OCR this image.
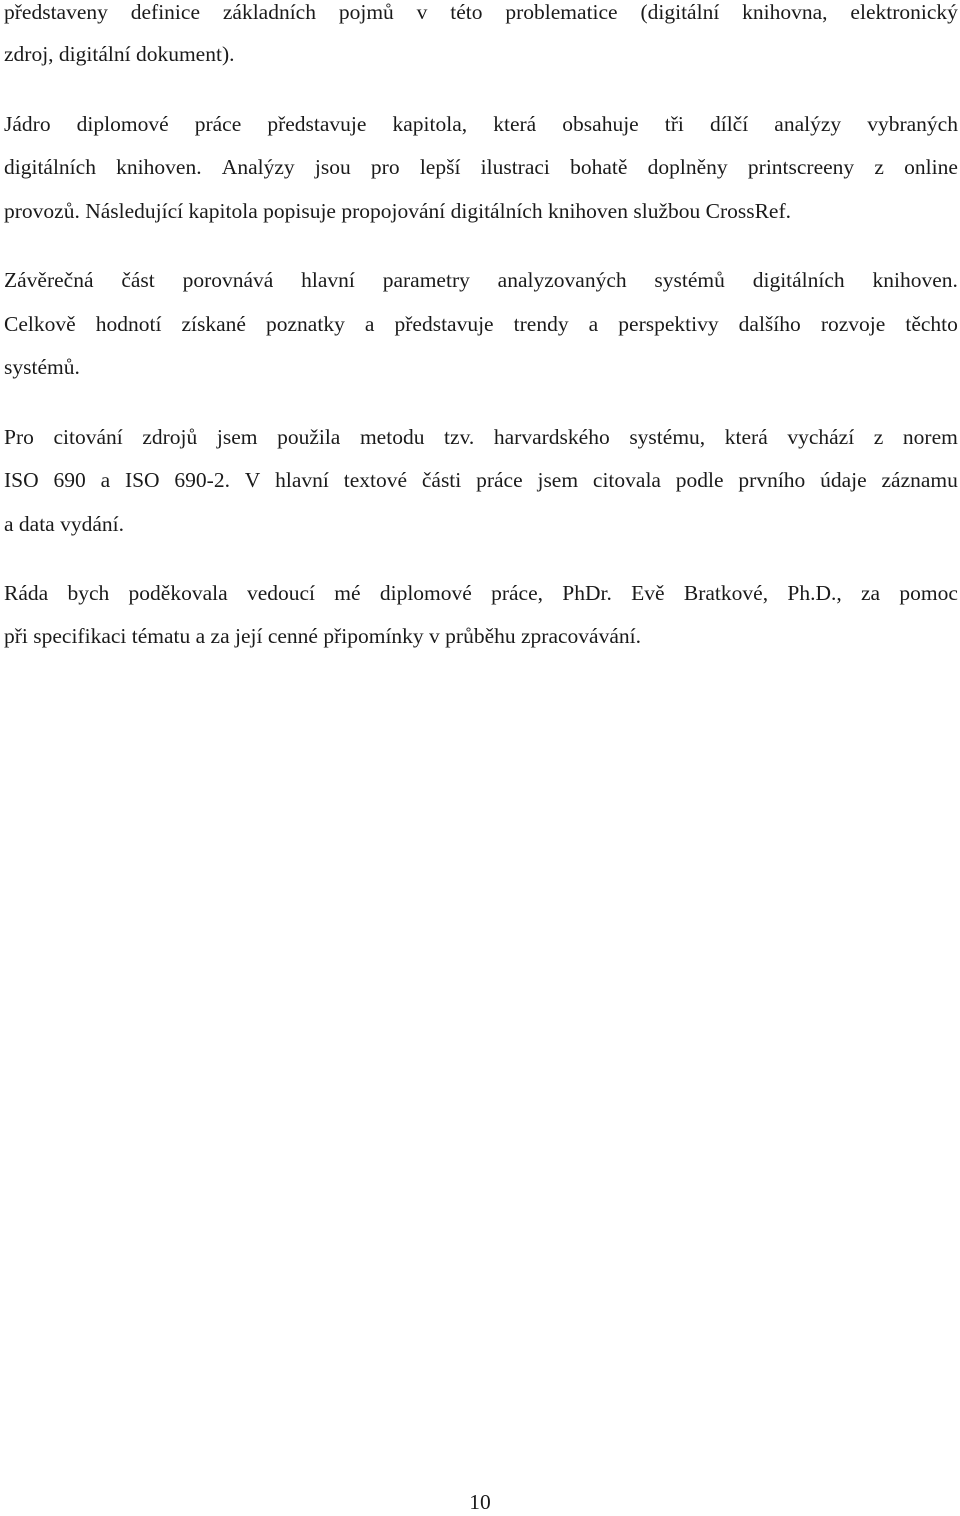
představeny definice základních pojmů v této problematice (digitální knihovna, elektronický

zdroj, digitální dokument).

Jádro diplomové práce představuje kapitola, která obsahuje tři dílčí analýzy vybraných

digitálních knihoven. Analýzy jsou pro lepší ilustraci bohatě doplněny printscreeny z online

provozů. Následující kapitola popisuje propojování digitálních knihoven službou CrossRef.

Závěrečná část porovnává hlavní parametry analyzovaných systémů digitálních knihoven.

Celkově hodnotí získané poznatky a představuje trendy a perspektivy dalšího rozvoje těchto

systémů.

Pro citování zdrojů jsem použila metodu tzv. harvardského systému, která vychází z norem

ISO 690 a ISO 690-2. V hlavní textové části práce jsem citovala podle prvního údaje záznamu

a data vydání.

Ráda bych poděkovala vedoucí mé diplomové práce, PhDr. Evě Bratkové, Ph.D., za pomoc

při specifikaci tématu a za její cenné připomínky v průběhu zpracovávání.

10
